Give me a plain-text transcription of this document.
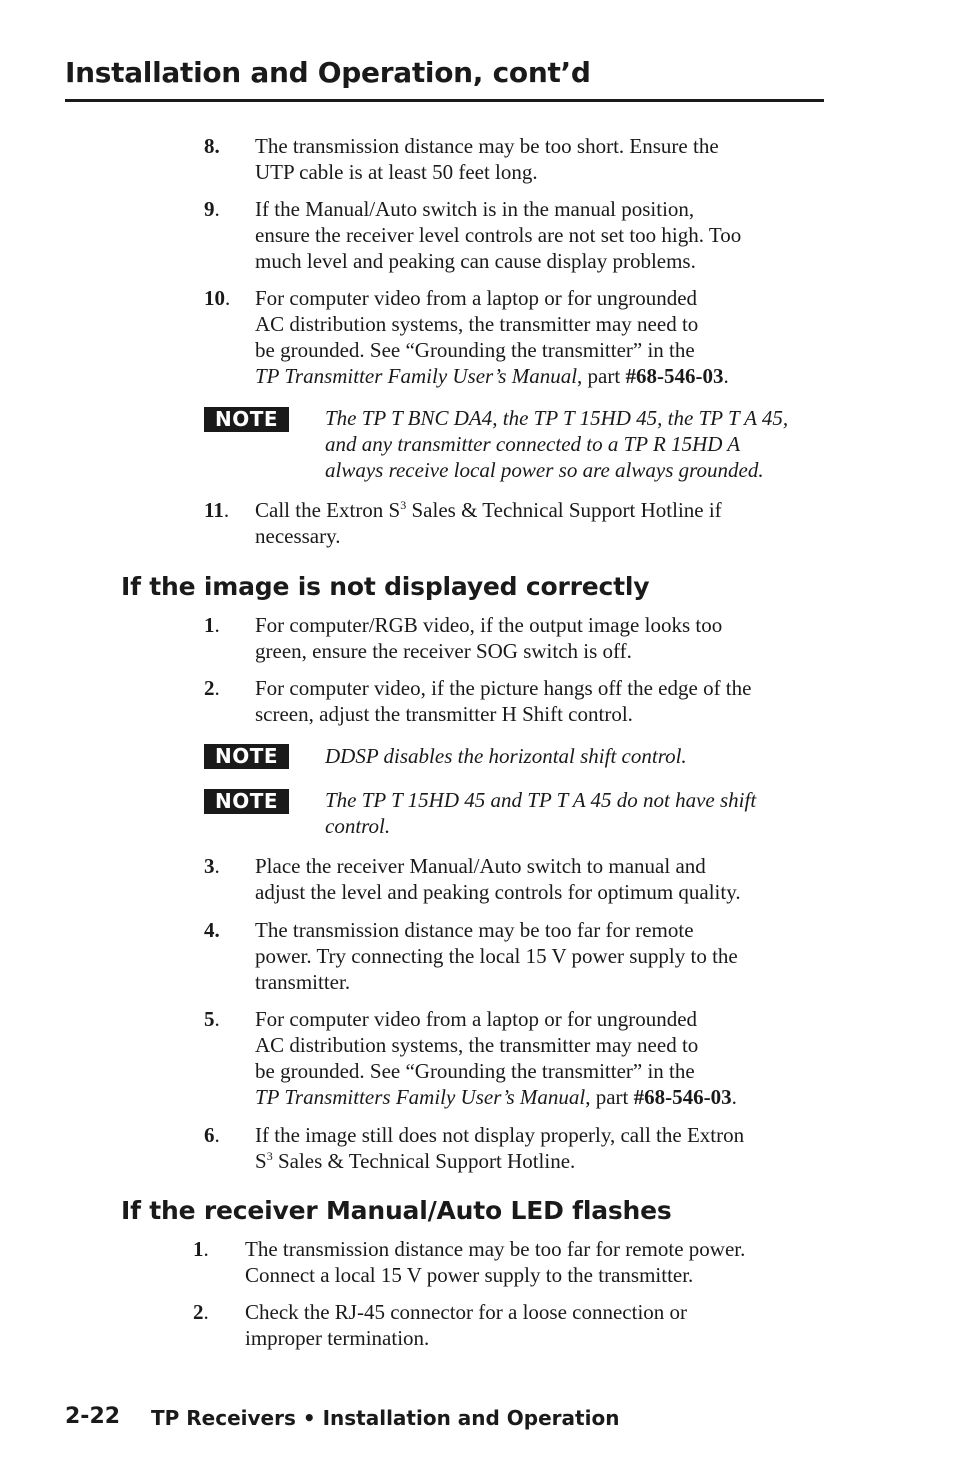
Installation and Operation, cont’d
8. The transmission distance may be too short. Ensure the
UTP cable is at least 50 feet long.
9. If the Manual/Auto switch is in the manual position,
ensure the receiver level controls are not set too high. Too
much level and peaking can cause display problems.
10. For computer video from a laptop or for ungrounded
AC distribution systems, the transmitter may need to
be grounded. See “Grounding the transmitter” in the
TP Transmitter Family User’s Manual, part #68-546-03.
NOTE	The TP T BNC DA4, the TP T 15HD 45, the TP T A 45,
and any transmitter connected to a TP R 15HD A
always receive local power so are always grounded.
11. Call the Extron $S^3$ Sales & Technical Support Hotline if
necessary.
If the image is not displayed correctly
1. For computer/RGB video, if the output image looks too
green, ensure the receiver SOG switch is off.
2. For computer video, if the picture hangs off the edge of the
screen, adjust the transmitter H Shift control.
NOTE	DDSP disables the horizontal shift control.
NOTE	The TP T 15HD 45 and TP T A 45 do not have shift
control.
3. Place the receiver Manual/Auto switch to manual and
adjust the level and peaking controls for optimum quality.
4. The transmission distance may be too far for remote
power. Try connecting the local 15 V power supply to the
transmitter.
5. For computer video from a laptop or for ungrounded
AC distribution systems, the transmitter may need to
be grounded. See “Grounding the transmitter” in the
TP Transmitters Family User’s Manual, part #68-546-03.
6. If the image still does not display properly, call the Extron
$S^3$ Sales & Technical Support Hotline.
If the receiver Manual/Auto LED flashes
1. The transmission distance may be too far for remote power.
Connect a local 15 V power supply to the transmitter.
2. Check the RJ-45 connector for a loose connection or
improper termination.
2-22 TP Receivers • Installation and Operation
